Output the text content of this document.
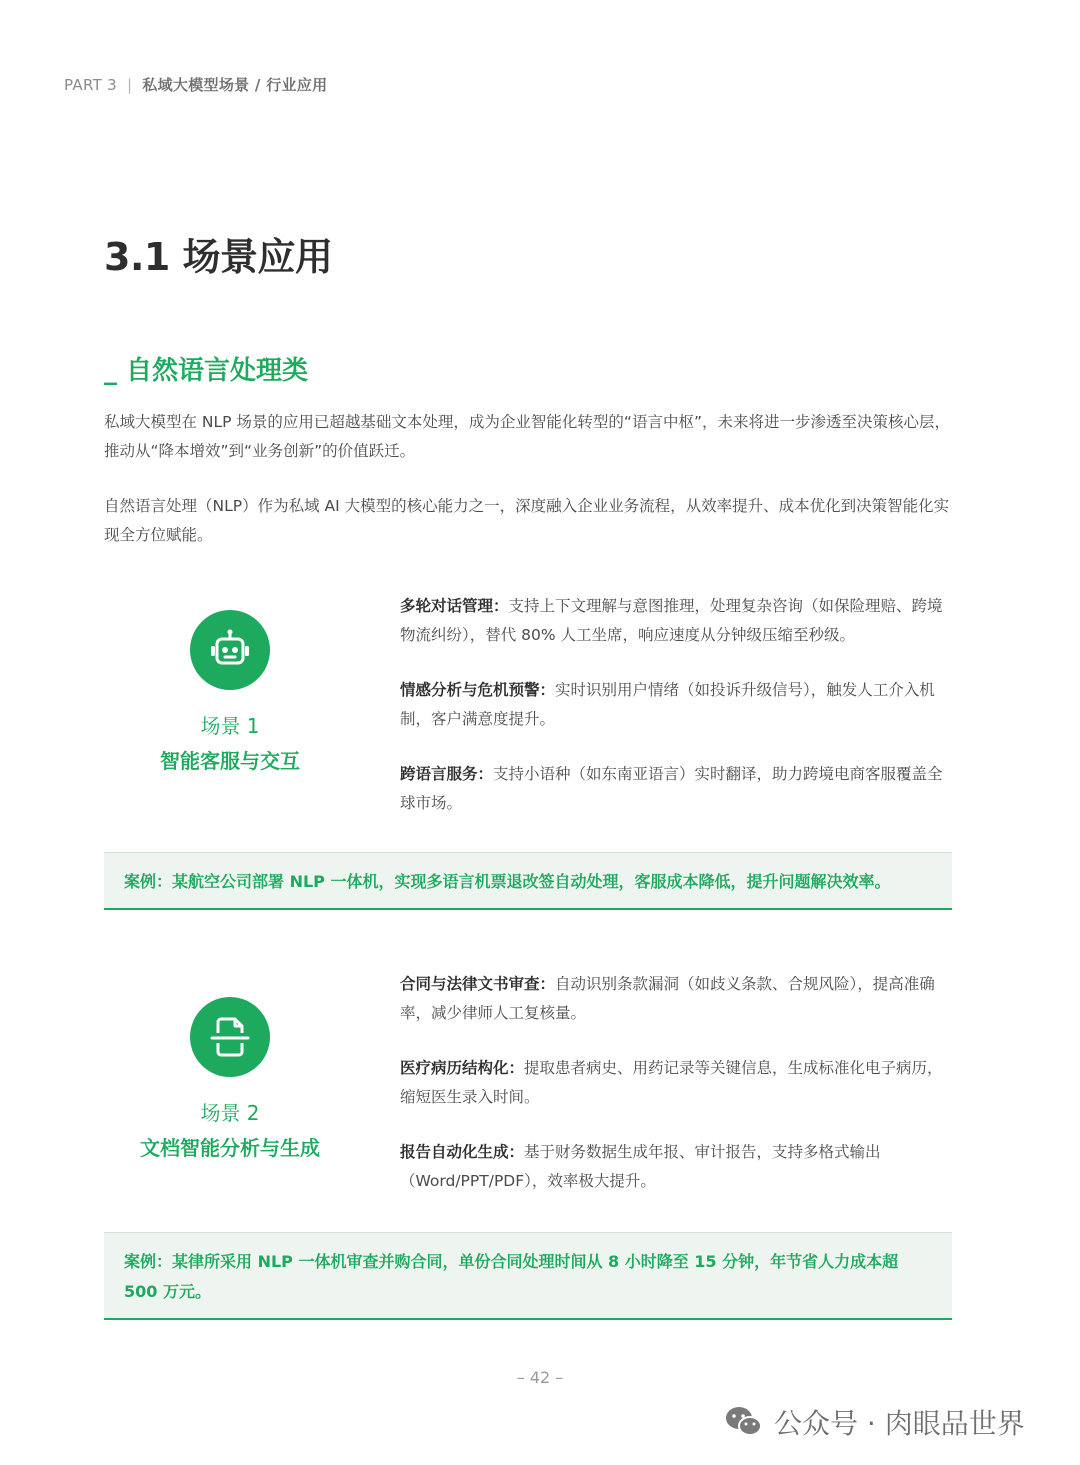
PART 3 | 私域大模型场景 / 行业应用
3.1 场景应用
_ 自然语言处理类
私域大模型在 NLP 场景的应用已超越基础文本处理，成为企业智能化转型的“语言中枢”，未来将进一步渗透至决策核心层，推动从“降本增效”到“业务创新”的价值跃迁。
自然语言处理（NLP）作为私域 AI 大模型的核心能力之一，深度融入企业业务流程，从效率提升、成本优化到决策智能化实现全方位赋能。
场景 1
智能客服与交互
多轮对话管理：支持上下文理解与意图推理，处理复杂咨询（如保险理赔、跨境物流纠纷），替代 80% 人工坐席，响应速度从分钟级压缩至秒级。
情感分析与危机预警：实时识别用户情绪（如投诉升级信号），触发人工介入机制，客户满意度提升。
跨语言服务：支持小语种（如东南亚语言）实时翻译，助力跨境电商客服覆盖全球市场。
案例：某航空公司部署 NLP 一体机，实现多语言机票退改签自动处理，客服成本降低，提升问题解决效率。
场景 2
文档智能分析与生成
合同与法律文书审查：自动识别条款漏洞（如歧义条款、合规风险），提高准确率，减少律师人工复核量。
医疗病历结构化：提取患者病史、用药记录等关键信息，生成标准化电子病历，缩短医生录入时间。
报告自动化生成：基于财务数据生成年报、审计报告，支持多格式输出（Word/PPT/PDF），效率极大提升。
案例：某律所采用 NLP 一体机审查并购合同，单份合同处理时间从 8 小时降至 15 分钟，年节省人力成本超 500 万元。
– 42 –
公众号 · 肉眼品世界
